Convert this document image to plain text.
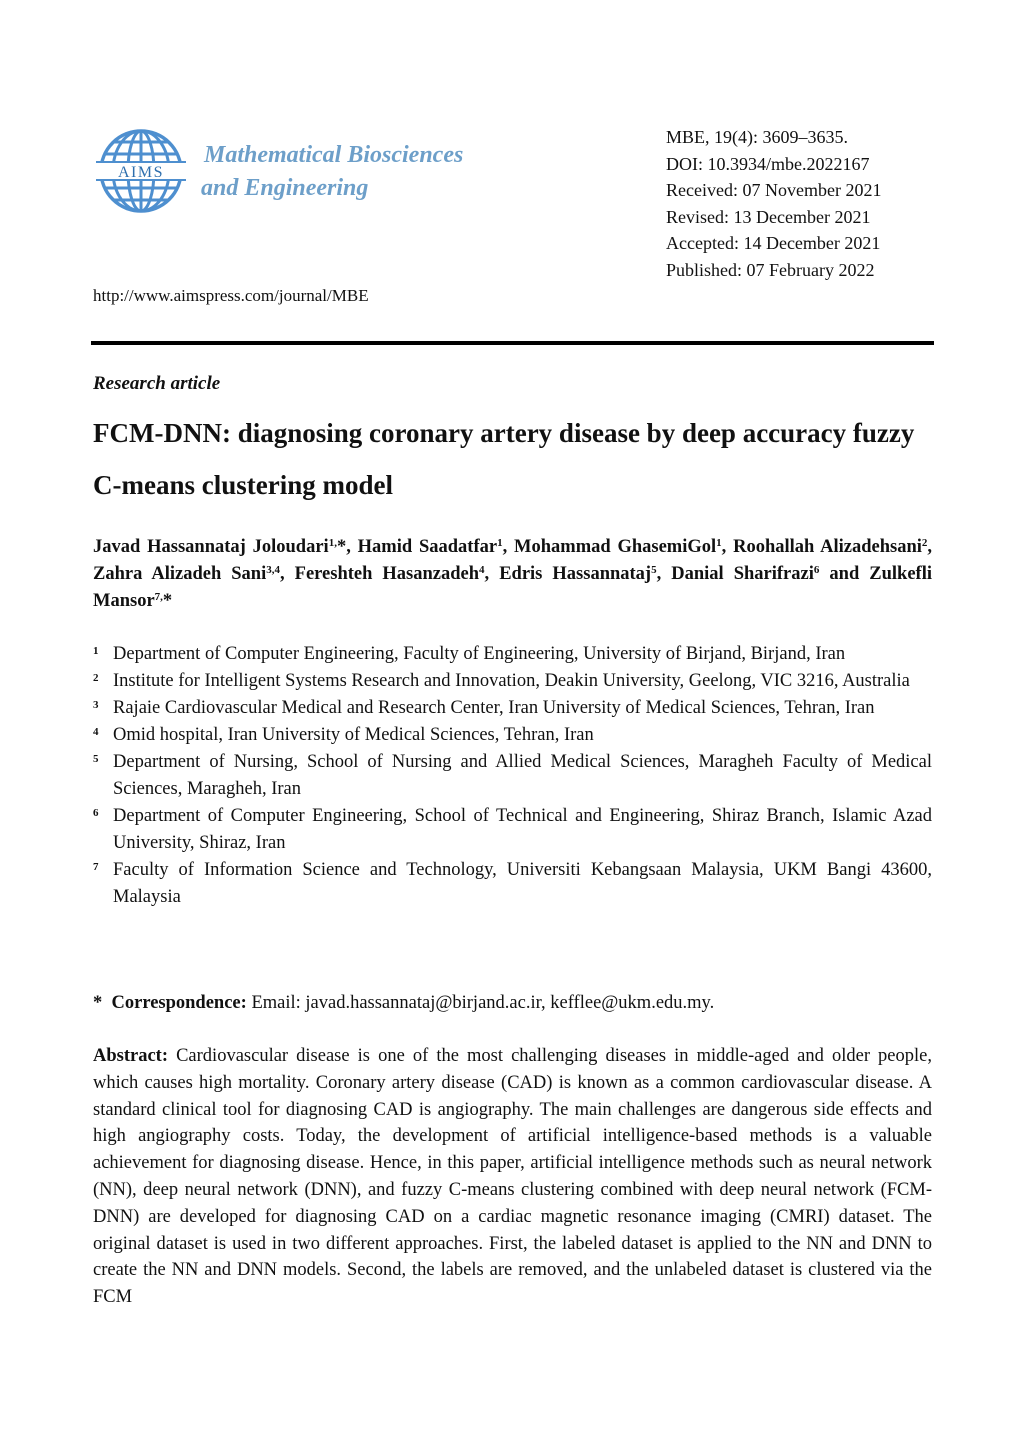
AIMS
Mathematical Biosciences
and Engineering
MBE, 19(4): 3609–3635.
DOI: 10.3934/mbe.2022167
Received: 07 November 2021
Revised: 13 December 2021
Accepted: 14 December 2021
Published: 07 February 2022
http://www.aimspress.com/journal/MBE
Research article
FCM-DNN: diagnosing coronary artery disease by deep accuracy fuzzy C-means clustering model
Javad Hassannataj Joloudari$^{1,}$*, Hamid Saadatfar$^1$, Mohammad GhasemiGol$^1$, Roohallah Alizadehsani$^2$, Zahra Alizadeh Sani$^{3,4}$, Fereshteh Hasanzadeh$^4$, Edris Hassannataj$^5$, Danial Sharifrazi$^6$ and Zulkefli Mansor$^{7,}$*
1 Department of Computer Engineering, Faculty of Engineering, University of Birjand, Birjand, Iran
2 Institute for Intelligent Systems Research and Innovation, Deakin University, Geelong, VIC 3216, Australia
3 Rajaie Cardiovascular Medical and Research Center, Iran University of Medical Sciences, Tehran, Iran
4 Omid hospital, Iran University of Medical Sciences, Tehran, Iran
5 Department of Nursing, School of Nursing and Allied Medical Sciences, Maragheh Faculty of Medical Sciences, Maragheh, Iran
6 Department of Computer Engineering, School of Technical and Engineering, Shiraz Branch, Islamic Azad University, Shiraz, Iran
7 Faculty of Information Science and Technology, Universiti Kebangsaan Malaysia, UKM Bangi 43600, Malaysia
* Correspondence: Email: javad.hassannataj@birjand.ac.ir, kefflee@ukm.edu.my.
Abstract: Cardiovascular disease is one of the most challenging diseases in middle-aged and older people, which causes high mortality. Coronary artery disease (CAD) is known as a common cardiovascular disease. A standard clinical tool for diagnosing CAD is angiography. The main challenges are dangerous side effects and high angiography costs. Today, the development of artificial intelligence-based methods is a valuable achievement for diagnosing disease. Hence, in this paper, artificial intelligence methods such as neural network (NN), deep neural network (DNN), and fuzzy C-means clustering combined with deep neural network (FCM-DNN) are developed for diagnosing CAD on a cardiac magnetic resonance imaging (CMRI) dataset. The original dataset is used in two different approaches. First, the labeled dataset is applied to the NN and DNN to create the NN and DNN models. Second, the labels are removed, and the unlabeled dataset is clustered via the FCM
